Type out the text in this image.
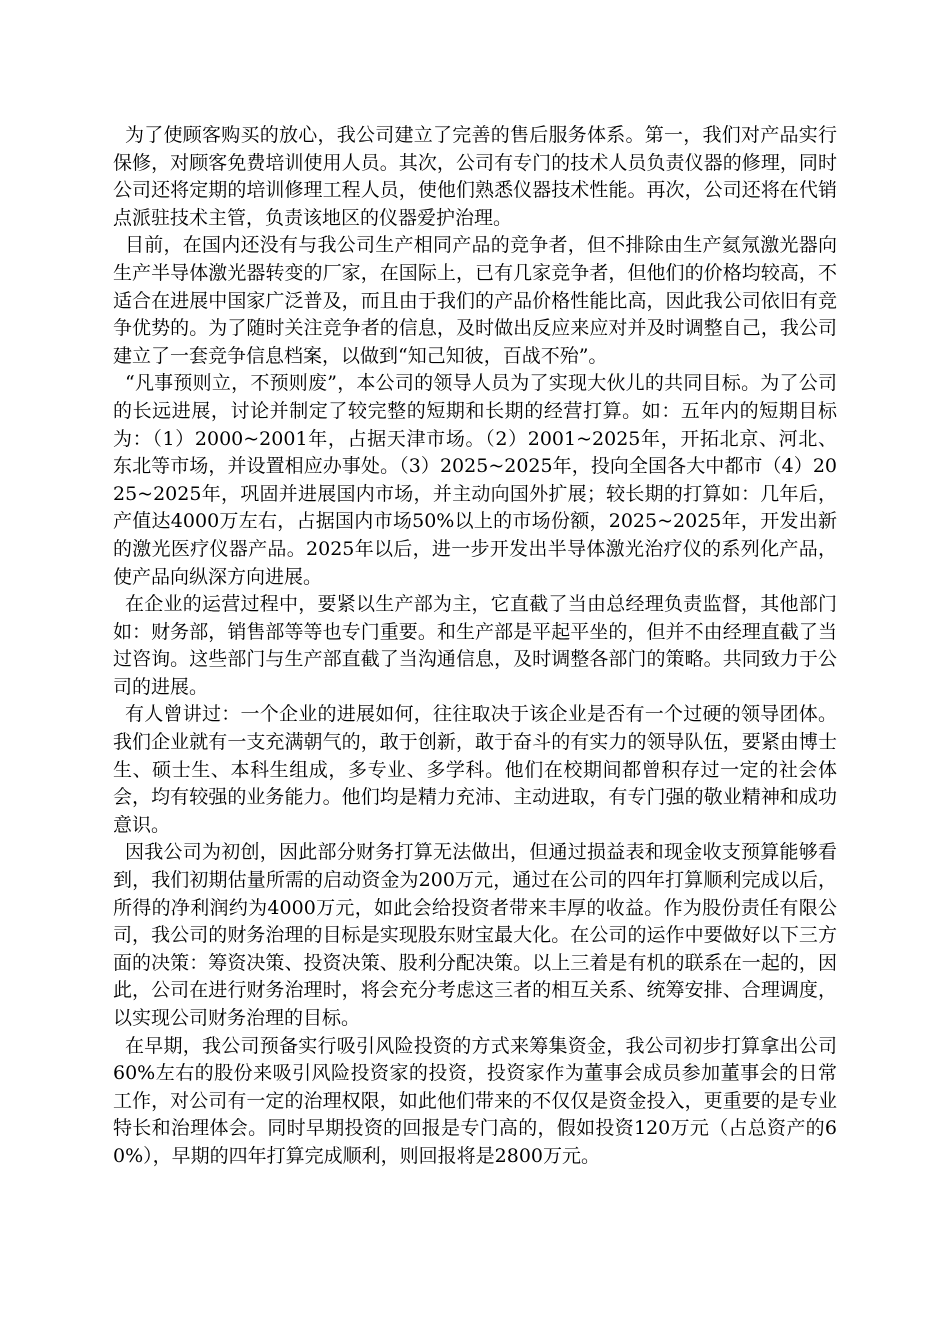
为了使顾客购买的放心，我公司建立了完善的售后服务体系。第一，我们对产品实行保修，对顾客免费培训使用人员。其次，公司有专门的技术人员负责仪器的修理，同时公司还将定期的培训修理工程人员，使他们熟悉仪器技术性能。再次，公司还将在代销点派驻技术主管，负责该地区的仪器爱护治理。

目前，在国内还没有与我公司生产相同产品的竞争者，但不排除由生产氦氖激光器向生产半导体激光器转变的厂家，在国际上，已有几家竞争者，但他们的价格均较高，不适合在进展中国家广泛普及，而且由于我们的产品价格性能比高，因此我公司依旧有竞争优势的。为了随时关注竞争者的信息，及时做出反应来应对并及时调整自己，我公司建立了一套竞争信息档案，以做到“知己知彼，百战不殆”。

“凡事预则立，不预则废”，本公司的领导人员为了实现大伙儿的共同目标。为了公司的长远进展，讨论并制定了较完整的短期和长期的经营打算。如：五年内的短期目标为：（1）2000~2001年，占据天津市场。（2）2001~2025年，开拓北京、河北、东北等市场，并设置相应办事处。（3）2025~2025年，投向全国各大中都市（4）2025~2025年，巩固并进展国内市场，并主动向国外扩展；较长期的打算如：几年后，产值达4000万左右，占据国内市场50%以上的市场份额，2025~2025年，开发出新的激光医疗仪器产品。2025年以后，进一步开发出半导体激光治疗仪的系列化产品，使产品向纵深方向进展。

在企业的运营过程中，要紧以生产部为主，它直截了当由总经理负责监督，其他部门如：财务部，销售部等等也专门重要。和生产部是平起平坐的，但并不由经理直截了当过咨询。这些部门与生产部直截了当沟通信息，及时调整各部门的策略。共同致力于公司的进展。

有人曾讲过：一个企业的进展如何，往往取决于该企业是否有一个过硬的领导团体。我们企业就有一支充满朝气的，敢于创新，敢于奋斗的有实力的领导队伍，要紧由博士生、硕士生、本科生组成，多专业、多学科。他们在校期间都曾积存过一定的社会体会，均有较强的业务能力。他们均是精力充沛、主动进取，有专门强的敬业精神和成功意识。

因我公司为初创，因此部分财务打算无法做出，但通过损益表和现金收支预算能够看到，我们初期估量所需的启动资金为200万元，通过在公司的四年打算顺利完成以后，所得的净利润约为4000万元，如此会给投资者带来丰厚的收益。作为股份责任有限公司，我公司的财务治理的目标是实现股东财宝最大化。在公司的运作中要做好以下三方面的决策：筹资决策、投资决策、股利分配决策。以上三着是有机的联系在一起的，因此，公司在进行财务治理时，将会充分考虑这三者的相互关系、统筹安排、合理调度，以实现公司财务治理的目标。

在早期，我公司预备实行吸引风险投资的方式来筹集资金，我公司初步打算拿出公司60%左右的股份来吸引风险投资家的投资，投资家作为董事会成员参加董事会的日常工作，对公司有一定的治理权限，如此他们带来的不仅仅是资金投入，更重要的是专业特长和治理体会。同时早期投资的回报是专门高的，假如投资120万元（占总资产的60%），早期的四年打算完成顺利，则回报将是2800万元。
